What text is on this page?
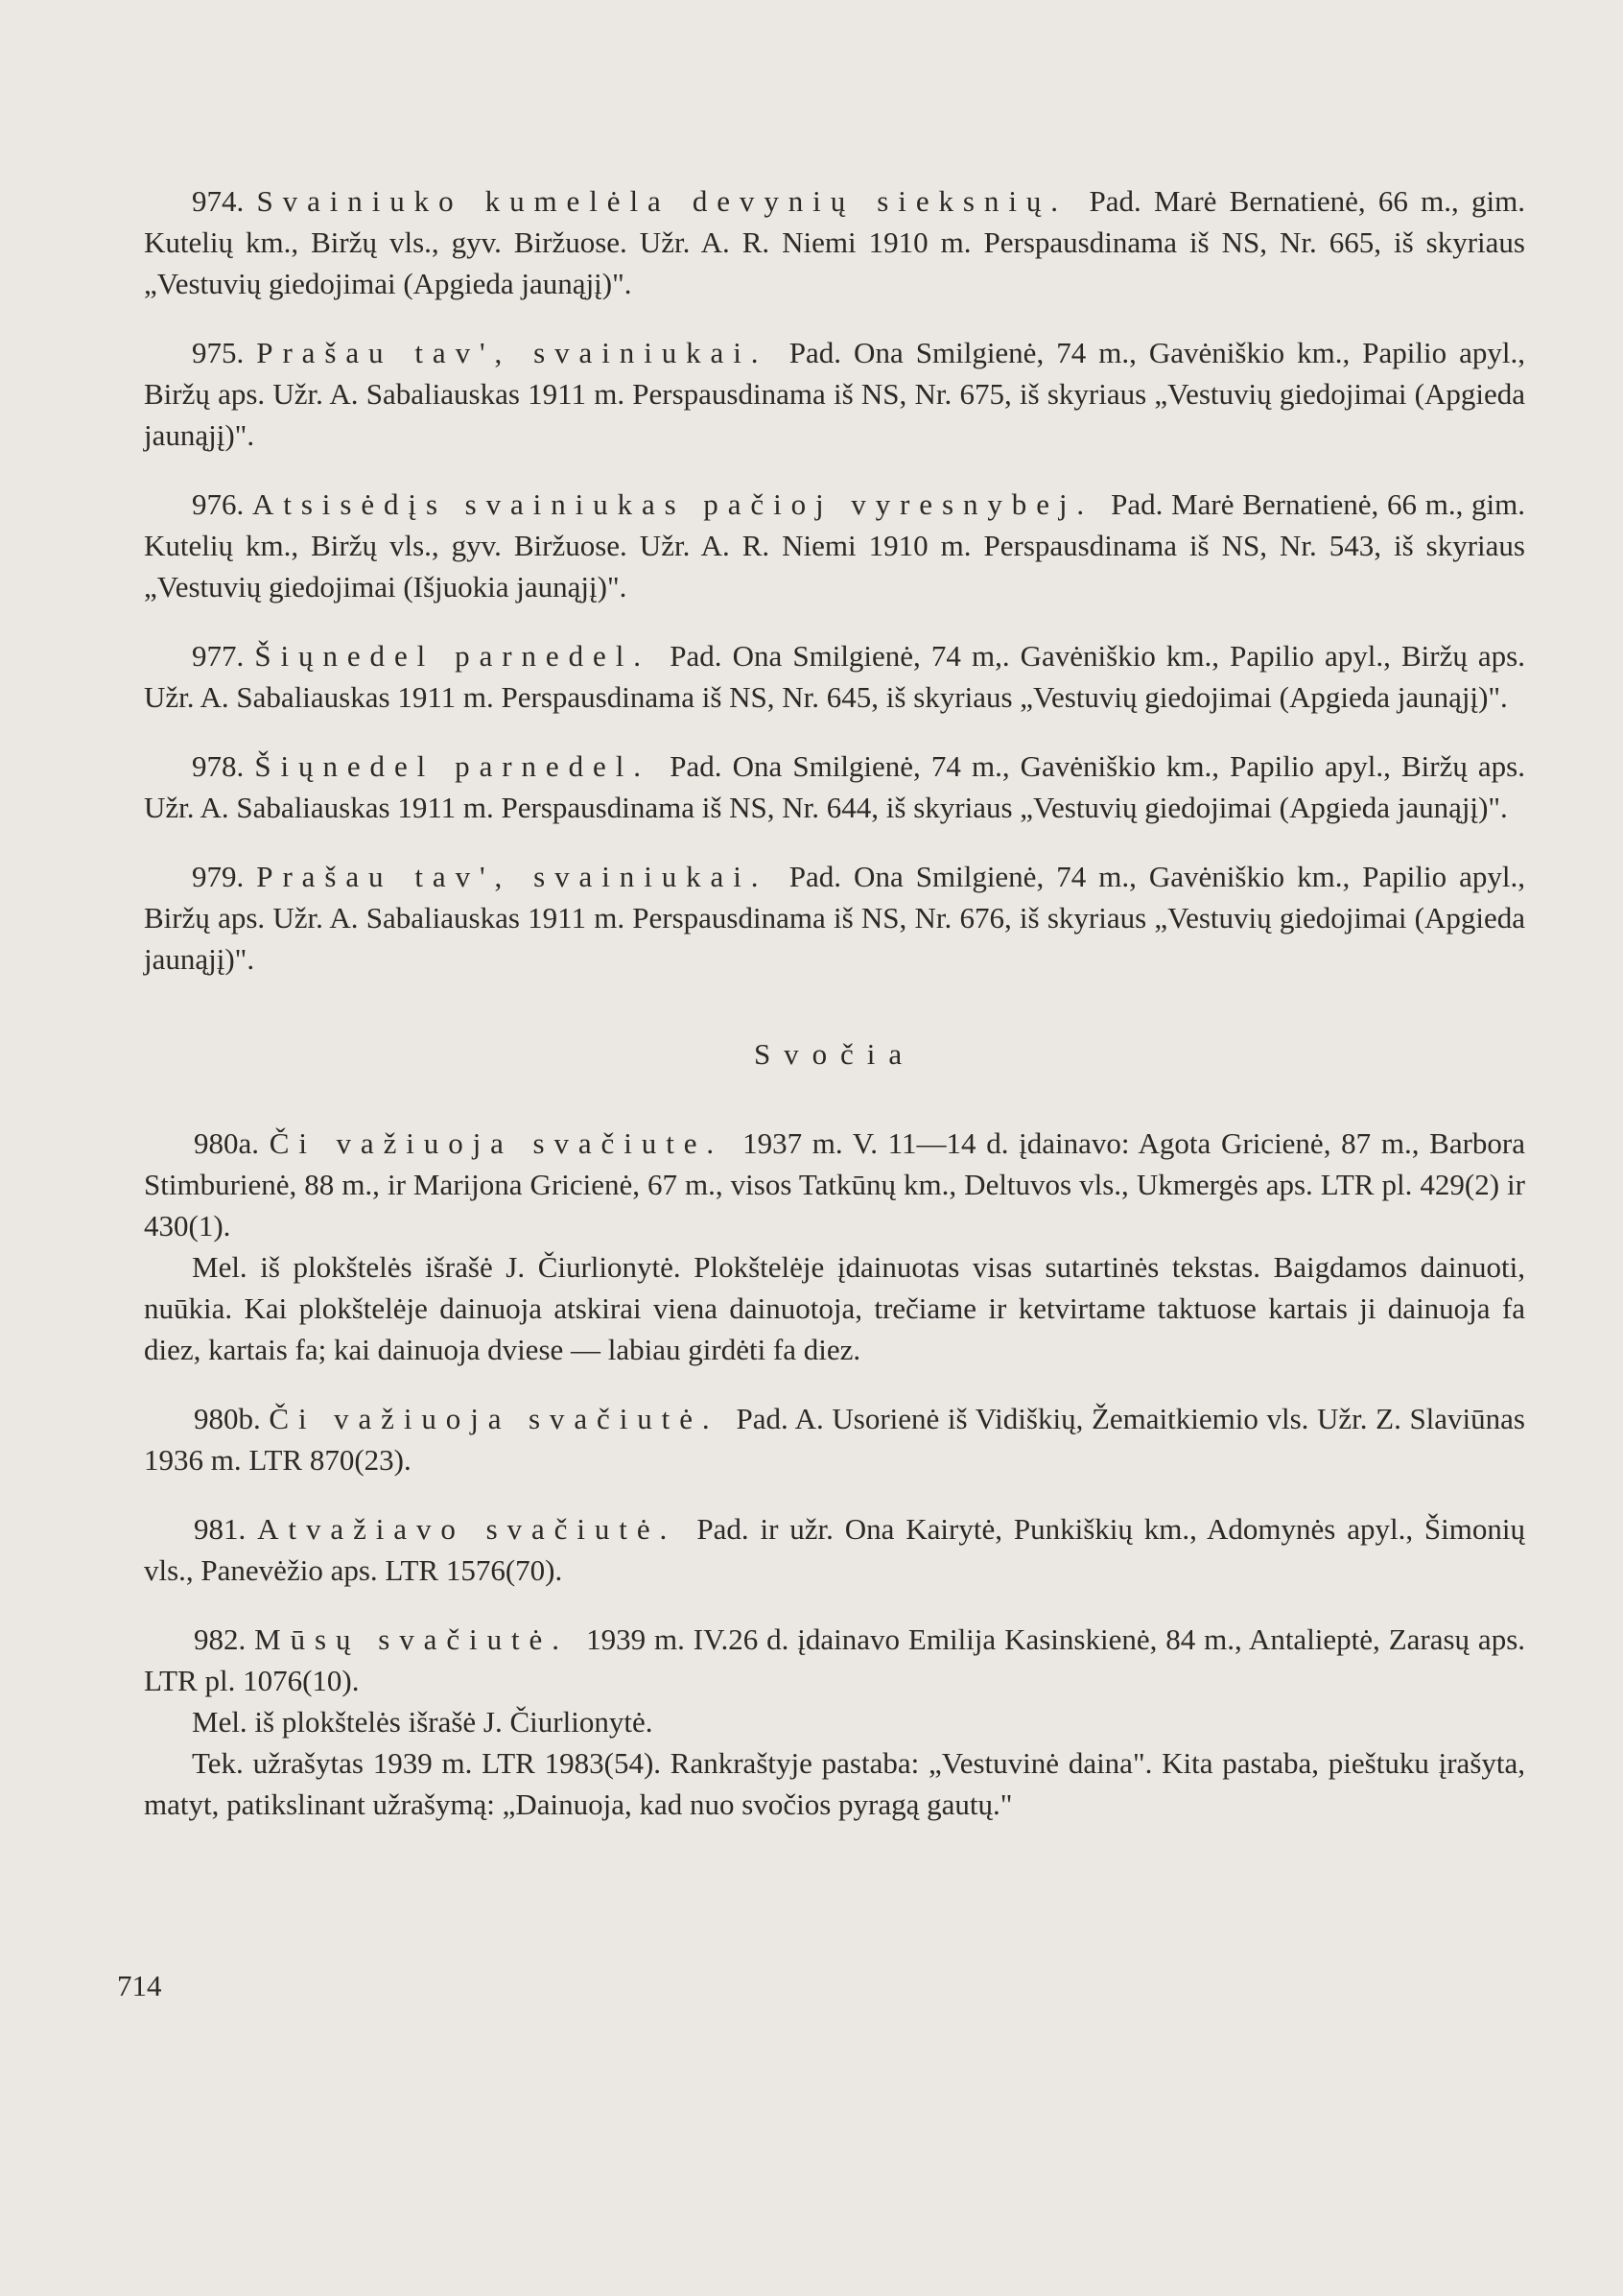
974. Svainiuko kumelėla devynių sieksnių. Pad. Marė Bernatienė, 66 m., gim. Kutelių km., Biržų vls., gyv. Biržuose. Užr. A. R. Niemi 1910 m. Perspausdinama iš NS, Nr. 665, iš skyriaus „Vestuvių giedojimai (Apgieda jaunąjį)".

975. Prašau tav', svainiukai. Pad. Ona Smilgienė, 74 m., Gavėniškio km., Papilio apyl., Biržų aps. Užr. A. Sabaliauskas 1911 m. Perspausdinama iš NS, Nr. 675, iš skyriaus „Vestuvių giedojimai (Apgieda jaunąjį)".

976. Atsisėdįs svainiukas pačioj vyresnybej. Pad. Marė Bernatienė, 66 m., gim. Kutelių km., Biržų vls., gyv. Biržuose. Užr. A. R. Niemi 1910 m. Perspausdinama iš NS, Nr. 543, iš skyriaus „Vestuvių giedojimai (Išjuokia jaunąjį)".

977. Šiųnedel parnedel. Pad. Ona Smilgienė, 74 m,. Gavėniškio km., Papilio apyl., Biržų aps. Užr. A. Sabaliauskas 1911 m. Perspausdinama iš NS, Nr. 645, iš skyriaus „Vestuvių giedojimai (Apgieda jaunąjį)".

978. Šiųnedel parnedel. Pad. Ona Smilgienė, 74 m., Gavėniškio km., Papilio apyl., Biržų aps. Užr. A. Sabaliauskas 1911 m. Perspausdinama iš NS, Nr. 644, iš skyriaus „Vestuvių giedojimai (Apgieda jaunąjį)".

979. Prašau tav', svainiukai. Pad. Ona Smilgienė, 74 m., Gavėniškio km., Papilio apyl., Biržų aps. Užr. A. Sabaliauskas 1911 m. Perspausdinama iš NS, Nr. 676, iš skyriaus „Vestuvių giedojimai (Apgieda jaunąjį)".

Svočia

980a. Či važiuoja svačiute. 1937 m. V. 11—14 d. įdainavo: Agota Gricienė, 87 m., Barbora Stimburienė, 88 m., ir Marijona Gricienė, 67 m., visos Tatkūnų km., Deltuvos vls., Ukmergės aps. LTR pl. 429(2) ir 430(1).

Mel. iš plokštelės išrašė J. Čiurlionytė. Plokštelėje įdainuotas visas sutartinės tekstas. Baigdamos dainuoti, nuūkia. Kai plokštelėje dainuoja atskirai viena dainuotoja, trečiame ir ketvirtame taktuose kartais ji dainuoja fa diez, kartais fa; kai dainuoja dviese — labiau girdėti fa diez.

980b. Či važiuoja svačiutė. Pad. A. Usorienė iš Vidiškių, Žemaitkiemio vls. Užr. Z. Slaviūnas 1936 m. LTR 870(23).

981. Atvažiavo svačiutė. Pad. ir užr. Ona Kairytė, Punkiškių km., Adomynės apyl., Šimonių vls., Panevėžio aps. LTR 1576(70).

982. Mūsų svačiutė. 1939 m. IV.26 d. įdainavo Emilija Kasinskienė, 84 m., Antalieptė, Zarasų aps. LTR pl. 1076(10).

Mel. iš plokštelės išrašė J. Čiurlionytė.

Tek. užrašytas 1939 m. LTR 1983(54). Rankraštyje pastaba: „Vestuvinė daina". Kita pastaba, pieštuku įrašyta, matyt, patikslinant užrašymą: „Dainuoja, kad nuo svočios pyragą gautų."

714
